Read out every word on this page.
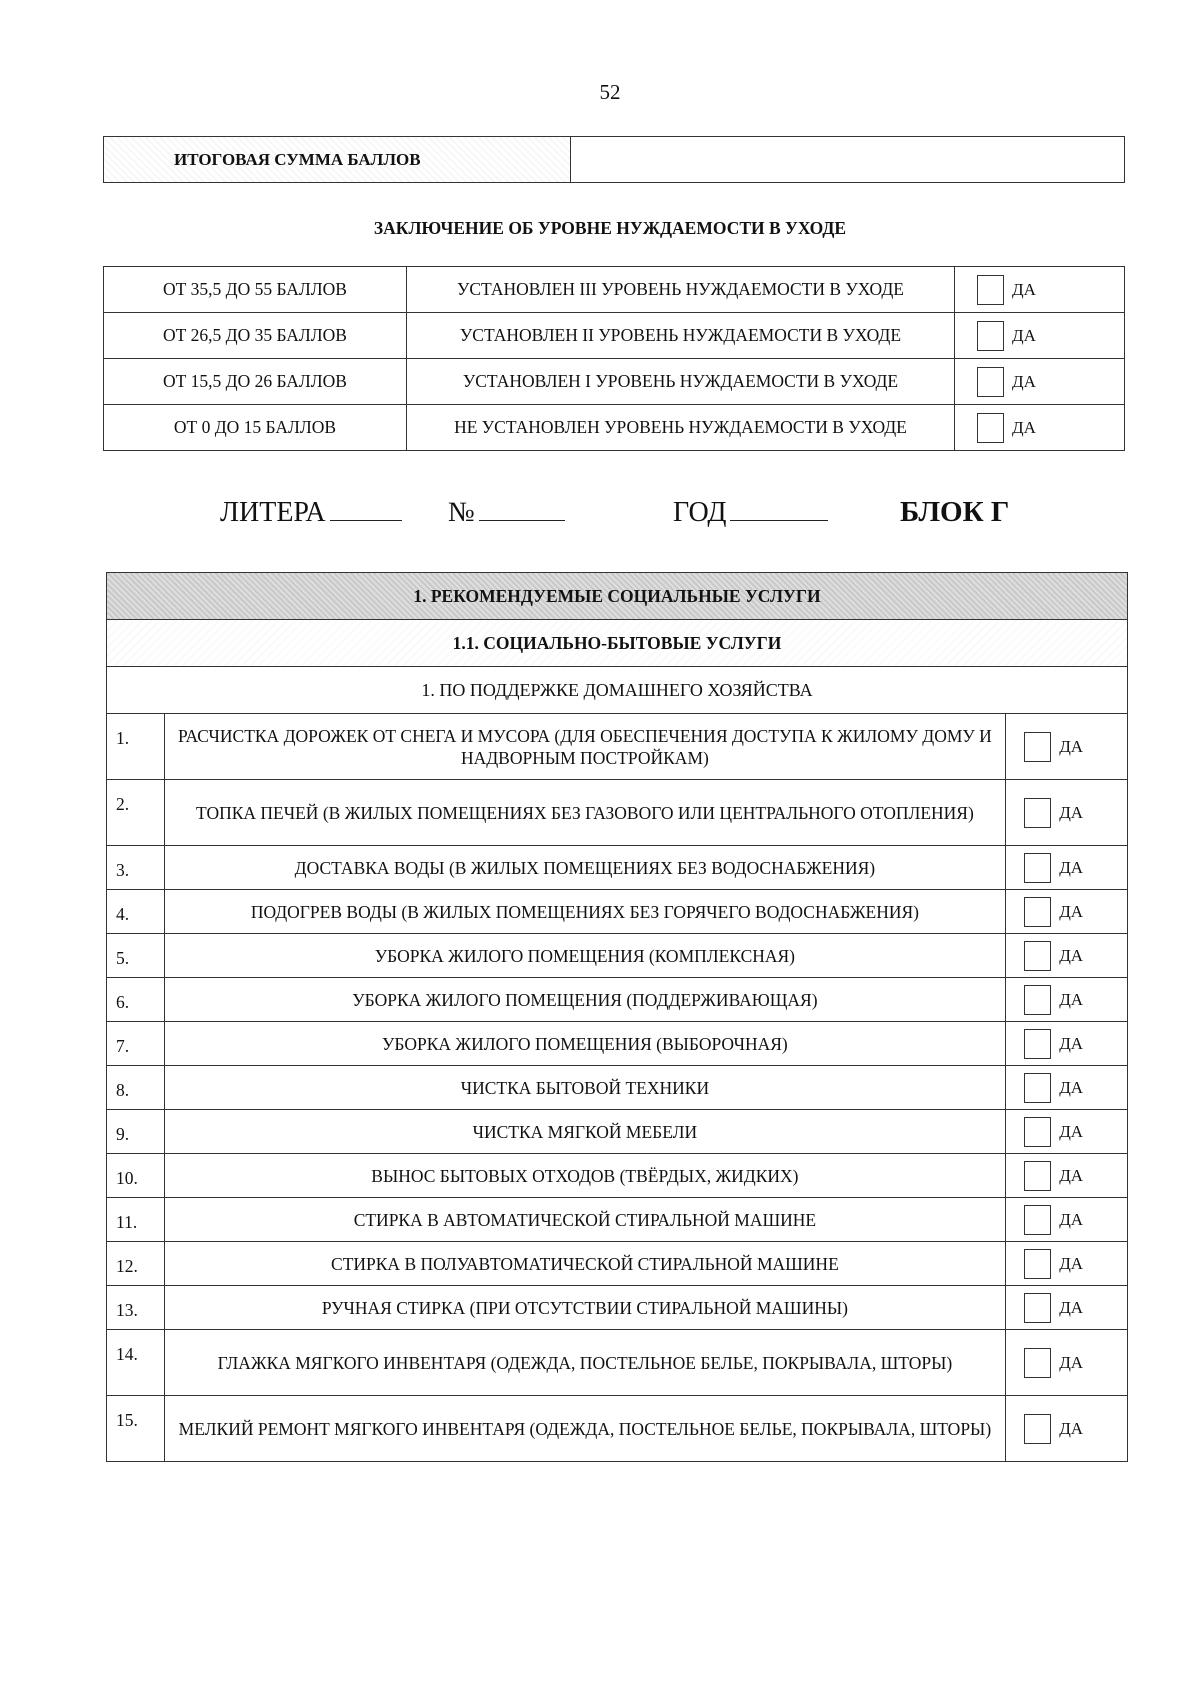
52
ИТОГОВАЯ СУММА БАЛЛОВ	
ЗАКЛЮЧЕНИЕ ОБ УРОВНЕ НУЖДАЕМОСТИ В УХОДЕ
ОТ 35,5 ДО 55 БАЛЛОВ	УСТАНОВЛЕН III УРОВЕНЬ НУЖДАЕМОСТИ В УХОДЕ	ДА
ОТ 26,5 ДО 35 БАЛЛОВ	УСТАНОВЛЕН II УРОВЕНЬ НУЖДАЕМОСТИ В УХОДЕ	ДА
ОТ 15,5 ДО 26 БАЛЛОВ	УСТАНОВЛЕН I УРОВЕНЬ НУЖДАЕМОСТИ В УХОДЕ	ДА
ОТ 0 ДО 15 БАЛЛОВ	НЕ УСТАНОВЛЕН УРОВЕНЬ НУЖДАЕМОСТИ В УХОДЕ	ДА
ЛИТЕРА	№	ГОД	БЛОК Г
1. РЕКОМЕНДУЕМЫЕ СОЦИАЛЬНЫЕ УСЛУГИ		
1.1. СОЦИАЛЬНО-БЫТОВЫЕ УСЛУГИ		
1. ПО ПОДДЕРЖКЕ ДОМАШНЕГО ХОЗЯЙСТВА		
1.	РАСЧИСТКА ДОРОЖЕК ОТ СНЕГА И МУСОРА (ДЛЯ ОБЕСПЕЧЕНИЯ ДОСТУПА К ЖИЛОМУ ДОМУ И НАДВОРНЫМ ПОСТРОЙКАМ)	ДА
2.	ТОПКА ПЕЧЕЙ (В ЖИЛЫХ ПОМЕЩЕНИЯХ БЕЗ ГАЗОВОГО ИЛИ ЦЕНТРАЛЬНОГО ОТОПЛЕНИЯ)	ДА
3.	ДОСТАВКА ВОДЫ (В ЖИЛЫХ ПОМЕЩЕНИЯХ БЕЗ ВОДОСНАБЖЕНИЯ)	ДА
4.	ПОДОГРЕВ ВОДЫ (В ЖИЛЫХ ПОМЕЩЕНИЯХ БЕЗ ГОРЯЧЕГО ВОДОСНАБЖЕНИЯ)	ДА
5.	УБОРКА ЖИЛОГО ПОМЕЩЕНИЯ (КОМПЛЕКСНАЯ)	ДА
6.	УБОРКА ЖИЛОГО ПОМЕЩЕНИЯ (ПОДДЕРЖИВАЮЩАЯ)	ДА
7.	УБОРКА ЖИЛОГО ПОМЕЩЕНИЯ (ВЫБОРОЧНАЯ)	ДА
8.	ЧИСТКА БЫТОВОЙ ТЕХНИКИ	ДА
9.	ЧИСТКА МЯГКОЙ МЕБЕЛИ	ДА
10.	ВЫНОС БЫТОВЫХ ОТХОДОВ (ТВЁРДЫХ, ЖИДКИХ)	ДА
11.	СТИРКА В АВТОМАТИЧЕСКОЙ СТИРАЛЬНОЙ МАШИНЕ	ДА
12.	СТИРКА В ПОЛУАВТОМАТИЧЕСКОЙ СТИРАЛЬНОЙ МАШИНЕ	ДА
13.	РУЧНАЯ СТИРКА (ПРИ ОТСУТСТВИИ СТИРАЛЬНОЙ МАШИНЫ)	ДА
14.	ГЛАЖКА МЯГКОГО ИНВЕНТАРЯ (ОДЕЖДА, ПОСТЕЛЬНОЕ БЕЛЬЕ, ПОКРЫВАЛА, ШТОРЫ)	ДА
15.	МЕЛКИЙ РЕМОНТ МЯГКОГО ИНВЕНТАРЯ (ОДЕЖДА, ПОСТЕЛЬНОЕ БЕЛЬЕ, ПОКРЫВАЛА, ШТОРЫ)	ДА
